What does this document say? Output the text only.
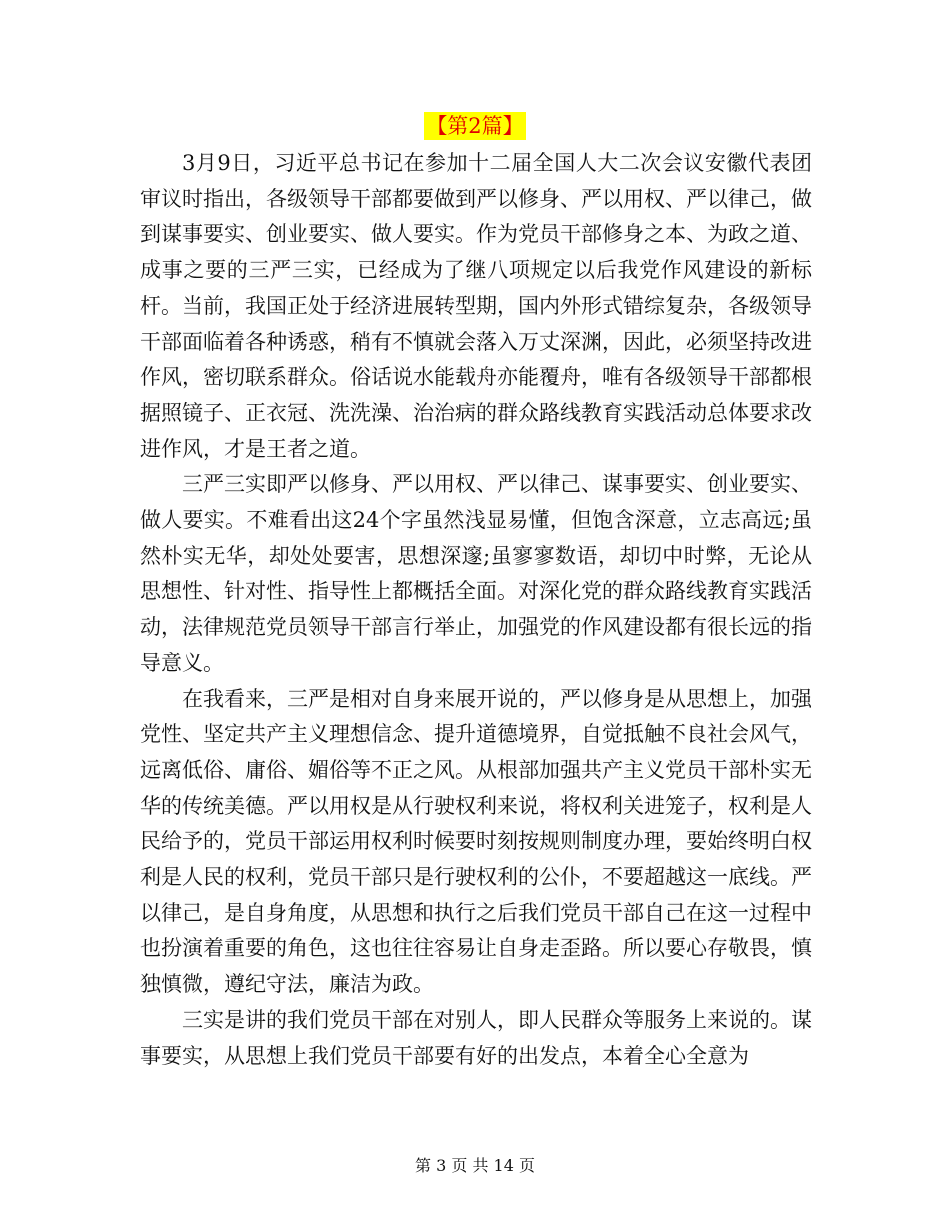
【第2篇】

3月9日，习近平总书记在参加十二届全国人大二次会议安徽代表团审议时指出，各级领导干部都要做到严以修身、严以用权、严以律己，做到谋事要实、创业要实、做人要实。作为党员干部修身之本、为政之道、成事之要的三严三实，已经成为了继八项规定以后我党作风建设的新标杆。当前，我国正处于经济进展转型期，国内外形式错综复杂，各级领导干部面临着各种诱惑，稍有不慎就会落入万丈深渊，因此，必须坚持改进作风，密切联系群众。俗话说水能载舟亦能覆舟，唯有各级领导干部都根据照镜子、正衣冠、洗洗澡、治治病的群众路线教育实践活动总体要求改进作风，才是王者之道。

三严三实即严以修身、严以用权、严以律己、谋事要实、创业要实、做人要实。不难看出这24个字虽然浅显易懂，但饱含深意，立志高远;虽然朴实无华，却处处要害，思想深邃;虽寥寥数语，却切中时弊，无论从思想性、针对性、指导性上都概括全面。对深化党的群众路线教育实践活动，法律规范党员领导干部言行举止，加强党的作风建设都有很长远的指导意义。

在我看来，三严是相对自身来展开说的，严以修身是从思想上，加强党性、坚定共产主义理想信念、提升道德境界，自觉抵触不良社会风气，远离低俗、庸俗、媚俗等不正之风。从根部加强共产主义党员干部朴实无华的传统美德。严以用权是从行驶权利来说，将权利关进笼子，权利是人民给予的，党员干部运用权利时候要时刻按规则制度办理，要始终明白权利是人民的权利，党员干部只是行驶权利的公仆，不要超越这一底线。严以律己，是自身角度，从思想和执行之后我们党员干部自己在这一过程中也扮演着重要的角色，这也往往容易让自身走歪路。所以要心存敬畏，慎独慎微，遵纪守法，廉洁为政。

三实是讲的我们党员干部在对别人，即人民群众等服务上来说的。谋事要实，从思想上我们党员干部要有好的出发点，本着全心全意为

第 3 页 共 14 页
